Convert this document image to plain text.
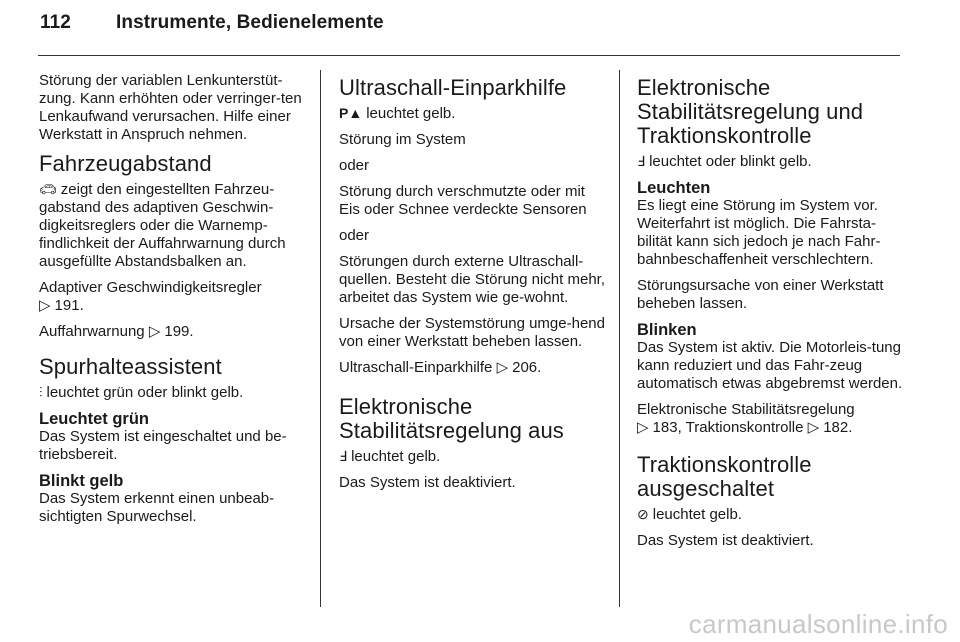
112 Instrumente, Bedienelemente

Störung der variablen Lenkunterstüt-zung. Kann erhöhten oder verringer-ten Lenkaufwand verursachen. Hilfe einer Werkstatt in Anspruch nehmen.

Fahrzeugabstand

🚗︎ zeigt den eingestellten Fahrzeu-gabstand des adaptiven Geschwin-digkeitsreglers oder die Warnemp-findlichkeit der Auffahrwarnung durch ausgefüllte Abstandsbalken an.

Adaptiver Geschwindigkeitsregler
▷ 191.

Auffahrwarnung ▷ 199.

Spurhalteassistent

⫶ leuchtet grün oder blinkt gelb.

Leuchtet grün

Das System ist eingeschaltet und be-triebsbereit.

Blinkt gelb

Das System erkennt einen unbeab-sichtigten Spurwechsel.

Ultraschall-Einparkhilfe

P▲ leuchtet gelb.

Störung im System

oder

Störung durch verschmutzte oder mit Eis oder Schnee verdeckte Sensoren

oder

Störungen durch externe Ultraschall-quellen. Besteht die Störung nicht mehr, arbeitet das System wie ge-wohnt.

Ursache der Systemstörung umge-hend von einer Werkstatt beheben lassen.

Ultraschall-Einparkhilfe ▷ 206.

Elektronische Stabilitätsregelung aus

Ⅎ leuchtet gelb.

Das System ist deaktiviert.

Elektronische Stabilitätsregelung und Traktionskontrolle

Ⅎ leuchtet oder blinkt gelb.

Leuchten

Es liegt eine Störung im System vor. Weiterfahrt ist möglich. Die Fahrsta-bilität kann sich jedoch je nach Fahr-bahnbeschaffenheit verschlechtern.

Störungsursache von einer Werkstatt beheben lassen.

Blinken

Das System ist aktiv. Die Motorleis-tung kann reduziert und das Fahr-zeug automatisch etwas abgebremst werden.

Elektronische Stabilitätsregelung
▷ 183, Traktionskontrolle ▷ 182.

Traktionskontrolle ausgeschaltet

⊘ leuchtet gelb.

Das System ist deaktiviert.

carmanualsonline.info
